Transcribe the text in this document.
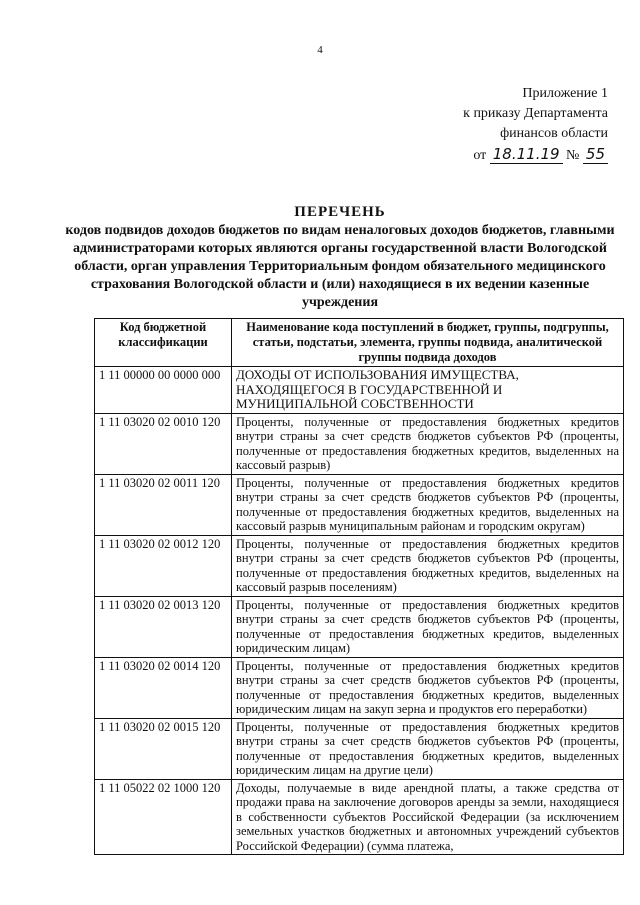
4
Приложение 1
к приказу Департамента
финансов области
от 18.11.19 № 55
ПЕРЕЧЕНЬ
кодов подвидов доходов бюджетов по видам неналоговых доходов бюджетов, главными администраторами которых являются органы государственной власти Вологодской области, орган управления Территориальным фондом обязательного медицинского страхования Вологодской области и (или) находящиеся в их ведении казенные учреждения
Код бюджетной классификации	Наименование кода поступлений в бюджет, группы, подгруппы, статьи, подстатьи, элемента, группы подвида, аналитической группы подвида доходов
1 11 00000 00 0000 000	ДОХОДЫ ОТ ИСПОЛЬЗОВАНИЯ ИМУЩЕСТВА, НАХОДЯЩЕГОСЯ В ГОСУДАРСТВЕННОЙ И МУНИЦИПАЛЬНОЙ СОБСТВЕННОСТИ
1 11 03020 02 0010 120	Проценты, полученные от предоставления бюджетных кредитов внутри страны за счет средств бюджетов субъектов РФ (проценты, полученные от предоставления бюджетных кредитов, выделенных на кассовый разрыв)
1 11 03020 02 0011 120	Проценты, полученные от предоставления бюджетных кредитов внутри страны за счет средств бюджетов субъектов РФ (проценты, полученные от предоставления бюджетных кредитов, выделенных на кассовый разрыв муниципальным районам и городским округам)
1 11 03020 02 0012 120	Проценты, полученные от предоставления бюджетных кредитов внутри страны за счет средств бюджетов субъектов РФ (проценты, полученные от предоставления бюджетных кредитов, выделенных на кассовый разрыв поселениям)
1 11 03020 02 0013 120	Проценты, полученные от предоставления бюджетных кредитов внутри страны за счет средств бюджетов субъектов РФ (проценты, полученные от предоставления бюджетных кредитов, выделенных юридическим лицам)
1 11 03020 02 0014 120	Проценты, полученные от предоставления бюджетных кредитов внутри страны за счет средств бюджетов субъектов РФ (проценты, полученные от предоставления бюджетных кредитов, выделенных юридическим лицам на закуп зерна и продуктов его переработки)
1 11 03020 02 0015 120	Проценты, полученные от предоставления бюджетных кредитов внутри страны за счет средств бюджетов субъектов РФ (проценты, полученные от предоставления бюджетных кредитов, выделенных юридическим лицам на другие цели)
1 11 05022 02 1000 120	Доходы, получаемые в виде арендной платы, а также средства от продажи права на заключение договоров аренды за земли, находящиеся в собственности субъектов Российской Федерации (за исключением земельных участков бюджетных и автономных учреждений субъектов Российской Федерации) (сумма платежа,
